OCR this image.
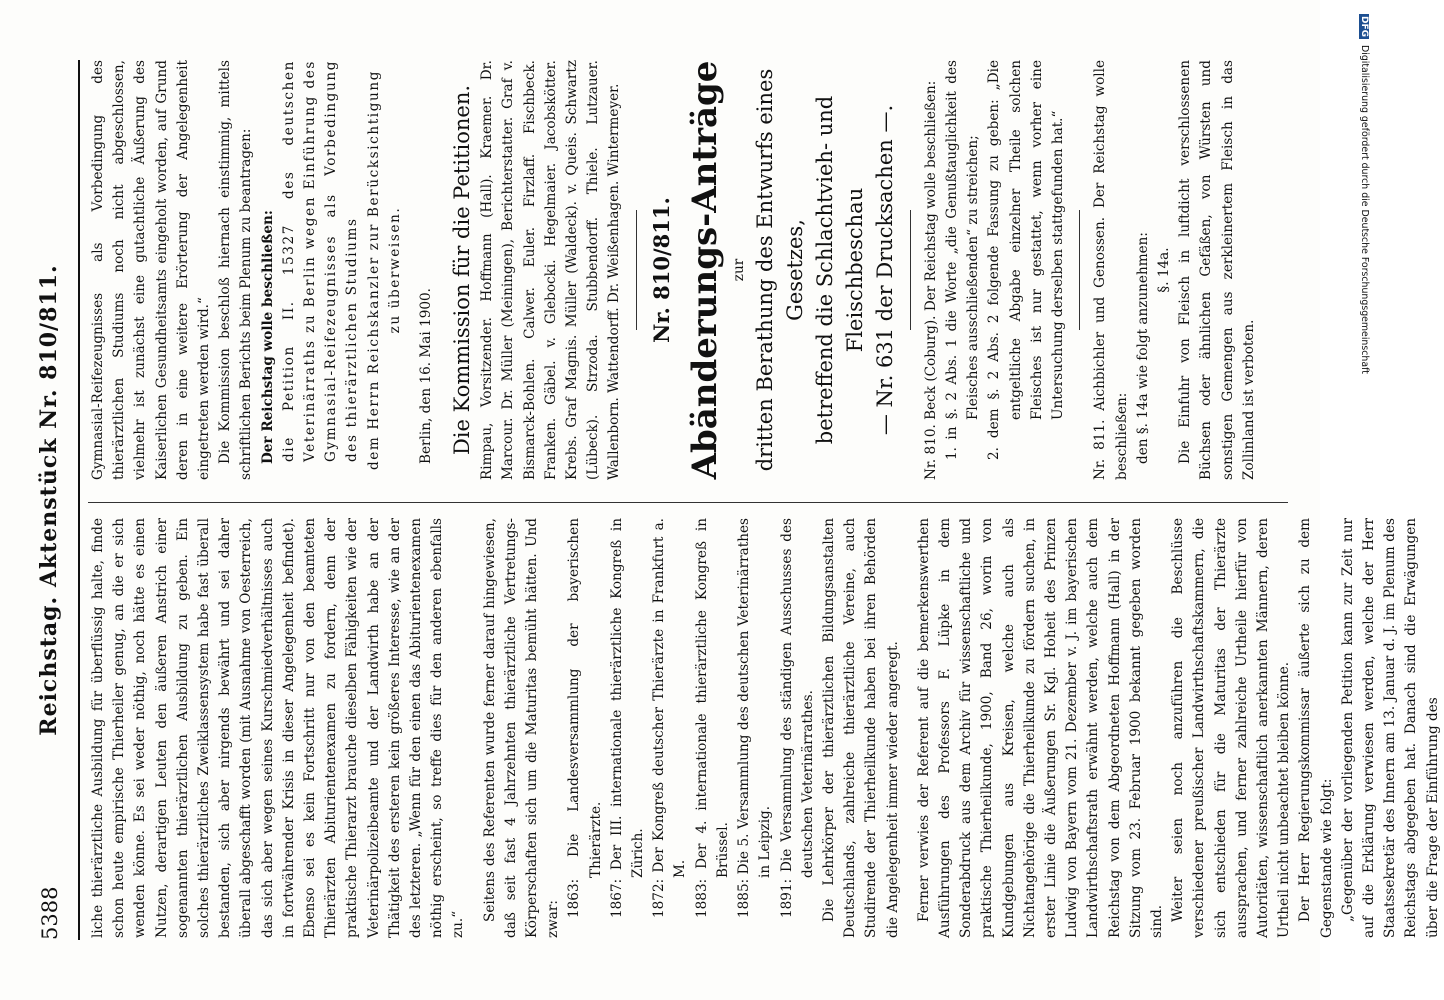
5388
Reichstag. Aktenstück Nr. 810/811. liche thierärztliche Ausbildung für überflüssig halte, finde schon heute empirische Thierheiler genug, an die er sich wenden könne. Es sei weder nöthig, noch hätte es einen Nutzen, derartigen Leuten den äußeren Anstrich einer sogenannten thierärztlichen Ausbildung zu geben. Ein solches thierärztliches Zweiklassensystem habe fast überall bestanden, sich aber nirgends bewährt und sei daher überall abgeschafft worden (mit Ausnahme von Oesterreich, das sich aber wegen seines Kurschmiedverhältnisses auch in fortwährender Krisis in dieser Angelegenheit befindet). Ebenso sei es kein Fortschritt nur von den beamteten Thierärzten Abiturientenexamen zu fordern, denn der praktische Thierarzt brauche dieselben Fähigkeiten wie der Veterinärpolizeibeamte und der Landwirth habe an der Thätigkeit des ersteren kein größeres Interesse, wie an der des letzteren. „Wenn für den einen das Abiturientenexamen nöthig erscheint, so treffe dies für den anderen ebenfalls zu.“

Seitens des Referenten wurde ferner darauf hingewiesen, daß seit fast 4 Jahrzehnten thierärztliche Vertretungs-Körperschaften sich um die Maturitas bemüht hätten. Und zwar:

1863: Die Landesversammlung der bayerischen Thierärzte. 1867: Der III. internationale thierärztliche Kongreß in Zürich. 1872: Der Kongreß deutscher Thierärzte in Frankfurt a. M. 1883: Der 4. internationale thierärztliche Kongreß in Brüssel. 1885: Die 5. Versammlung des deutschen Veterinärrathes in Leipzig. 1891: Die Versammlung des ständigen Ausschusses des deutschen Veterinärrathes. Die Lehrkörper der thierärztlichen Bildungsanstalten Deutschlands, zahlreiche thierärztliche Vereine, auch Studirende der Thierheilkunde haben bei ihren Behörden die Angelegenheit immer wieder angeregt. Ferner verwies der Referent auf die bemerkenswerthen Ausführungen des Professors F. Lüpke in dem Sonderabdruck aus dem Archiv für wissenschaftliche und praktische Thierheilkunde, 1900, Band 26, worin von Kundgebungen aus Kreisen, welche auch als Nichtangehörige die Thierheilkunde zu fördern suchen, in erster Linie die Äußerungen Sr. Kgl. Hoheit des Prinzen Ludwig von Bayern vom 21. Dezember v. J. im bayerischen Landwirthschaftsrath erwähnt werden, welche auch dem Reichstag von dem Abgeordneten Hoffmann (Hall) in der Sitzung vom 23. Februar 1900 bekannt gegeben worden sind. Weiter seien noch anzuführen die Beschlüsse verschiedener preußischer Landwirthschaftskammern, die sich entschieden für die Maturitas der Thierärzte aussprachen, und ferner zahlreiche Urtheile hierfür von Autoritäten, wissenschaftlich anerkannten Männern, deren Urtheil nicht unbeachtet bleiben könne. Der Herr Regierungskommissar äußerte sich zu dem Gegenstande wie folgt: „Gegenüber der vorliegenden Petition kann zur Zeit nur auf die Erklärung verwiesen werden, welche der Herr Staatssekretär des Innern am 13. Januar d. J. im Plenum des Reichstags abgegeben hat. Danach sind die Erwägungen über die Frage der Einführung des

Gymnasial-Reifezeugnisses als Vorbedingung des thierärztlichen Studiums noch nicht abgeschlossen, vielmehr ist zunächst eine gutachtliche Äußerung des Kaiserlichen Gesundheitsamts eingeholt worden, auf Grund deren in eine weitere Erörterung der Angelegenheit eingetreten werden wird.“ Die Kommission beschloß hiernach einstimmig, mittels schriftlichen Berichts beim Plenum zu beantragen: Der Reichstag wolle beschließen: die Petition II. 15327 des deutschen Veterinärraths zu Berlin wegen Einführung des Gymnasial-Reifezeugnisses als Vorbedingung des thierärztlichen Studiums dem Herrn Reichskanzler zur Berücksichtigung zu überweisen.

Berlin, den 16. Mai 1900. Die Kommission für die Petitionen. Rimpau, Vorsitzender. Hoffmann (Hall). Kraemer. Dr. Marcour. Dr. Müller (Meiningen), Berichterstatter. Graf v. Bismarck-Bohlen. Calwer. Euler. Firzlaff. Fischbeck. Franken. Gäbel. v. Glebocki. Hegelmaier. Jacobskötter. Krebs. Graf Magnis. Müller (Waldeck). v. Queis. Schwartz (Lübeck). Strzoda. Stubbendorff. Thiele. Lutzauer. Wallenborn. Wattendorff. Dr. Weißenhagen. Wintermeyer. Nr. 810/811. Abänderungs-Anträge zur dritten Berathung des Entwurfs eines Gesetzes, betreffend die Schlachtvieh- und Fleischbeschau — Nr. 631 der Drucksachen —. Nr. 810. Beck (Coburg). Der Reichstag wolle beschließen: 1. in §. 2 Abs. 1 die Worte „die Genußtauglichkeit des Fleisches ausschließenden“ zu streichen; 2. dem §. 2 Abs. 2 folgende Fassung zu geben: „Die entgeltliche Abgabe einzelner Theile solchen Fleisches ist nur gestattet, wenn vorher eine Untersuchung derselben stattgefunden hat.“ Nr. 811. Aichbichler und Genossen. Der Reichstag wolle beschließen: den §. 14a wie folgt anzunehmen: §. 14a. Die Einfuhr von Fleisch in luftdicht verschlossenen Büchsen oder ähnlichen Gefäßen, von Würsten und sonstigen Gemengen aus zerkleinertem Fleisch in das Zollinland ist verboten.

DFG Digitalisierung gefördert durch die Deutsche Forschungsgemeinschaft
